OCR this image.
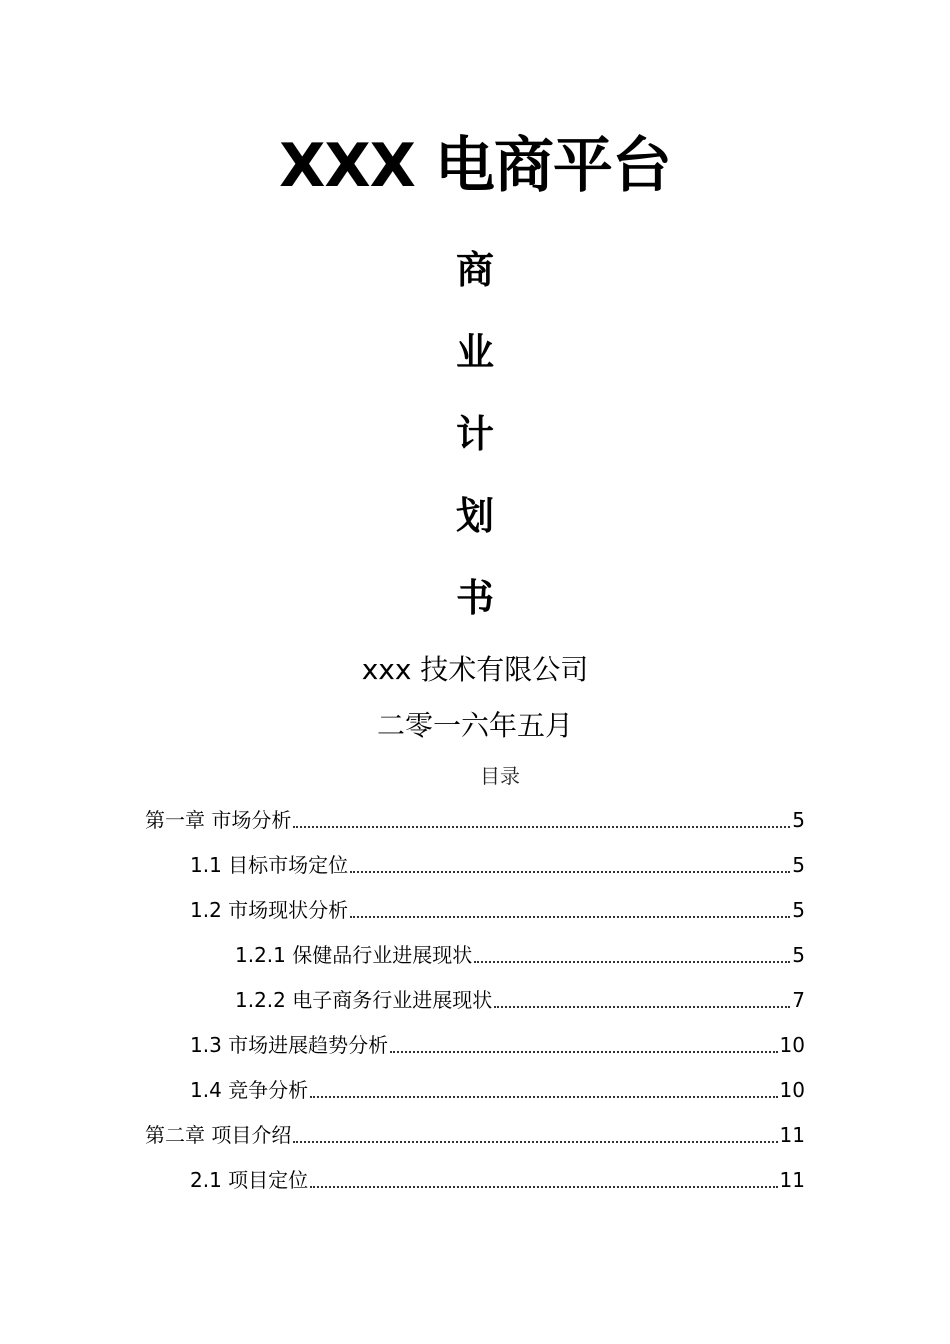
XXX 电商平台
商
业
计
划
书
xxx 技术有限公司
二零一六年五月
目录
第一章 市场分析	5
1.1 目标市场定位	5
1.2 市场现状分析	5
1.2.1 保健品行业进展现状	5
1.2.2 电子商务行业进展现状	7
1.3 市场进展趋势分析	10
1.4 竞争分析	10
第二章 项目介绍	11
2.1 项目定位	11
